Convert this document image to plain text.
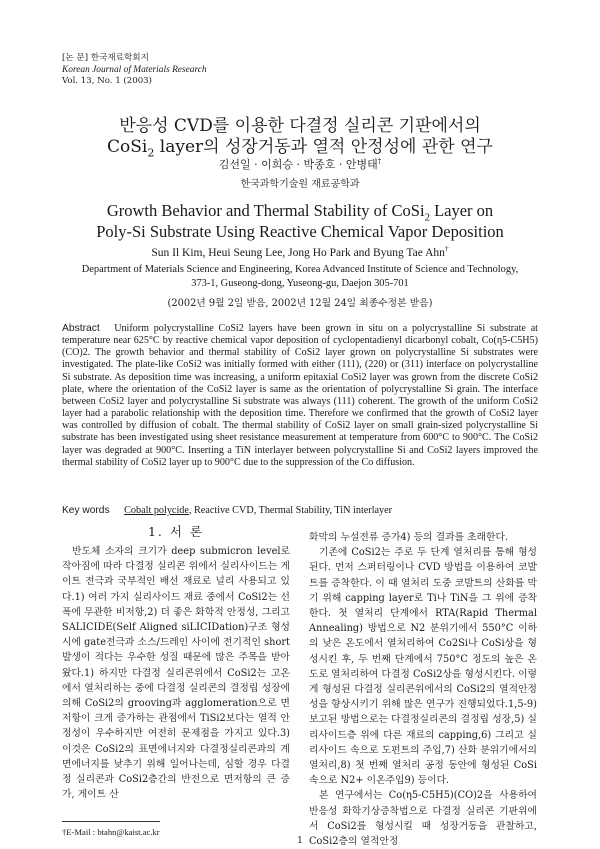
[논 문] 한국재료학회지
Korean Journal of Materials Research
Vol. 13, No. 1 (2003)
반응성 CVD를 이용한 다결정 실리콘 기판에서의
CoSi$_2$ layer의 성장거동과 열적 안정성에 관한 연구
김선일 · 이희승 · 박종호 · 안병태†
한국과학기술원 재료공학과
Growth Behavior and Thermal Stability of CoSi$_2$ Layer on
Poly-Si Substrate Using Reactive Chemical Vapor Deposition
Sun Il Kim, Heui Seung Lee, Jong Ho Park and Byung Tae Ahn†
Department of Materials Science and Engineering, Korea Advanced Institute of Science and Technology,
373-1, Guseong-dong, Yuseong-gu, Daejon 305-701
(2002년 9월 2일 받음, 2002년 12월 24일 최종수정본 받음)
Abstract Uniform polycrystalline CoSi2 layers have been grown in situ on a polycrystalline Si substrate at temperature near 625°C by reactive chemical vapor deposition of cyclopentadienyl dicarbonyl cobalt, Co(η5-C5H5)(CO)2. The growth behavior and thermal stability of CoSi2 layer grown on polycrystalline Si substrates were investigated. The plate-like CoSi2 was initially formed with either (111), (220) or (311) interface on polycrystalline Si substrate. As deposition time was increasing, a uniform epitaxial CoSi2 layer was grown from the discrete CoSi2 plate, where the orientation of the CoSi2 layer is same as the orientation of polycrystalline Si grain. The interface between CoSi2 layer and polycrystalline Si substrate was always (111) coherent. The growth of the uniform CoSi2 layer had a parabolic relationship with the deposition time. Therefore we confirmed that the growth of CoSi2 layer was controlled by diffusion of cobalt. The thermal stability of CoSi2 layer on small grain-sized polycrystalline Si substrate has been investigated using sheet resistance measurement at temperature from 600°C to 900°C. The CoSi2 layer was degraded at 900°C. Inserting a TiN interlayer between polycrystalline Si and CoSi2 layers improved the thermal stability of CoSi2 layer up to 900°C due to the suppression of the Co diffusion.
Key words Cobalt polycide, Reactive CVD, Thermal Stability, TiN interlayer
1. 서 론

반도체 소자의 크기가 deep submicron level로 작아짐에 따라 다결정 실리콘 위에서 실리사이드는 게이트 전극과 국부적인 배선 재료로 널리 사용되고 있다.1) 여러 가지 실리사이드 재료 중에서 CoSi2는 선폭에 무관한 비저항,2) 더 좋은 화학적 안정성, 그리고 SALICIDE(Self Aligned siLICIDation)구조 형성시에 gate전극과 소스/드레인 사이에 전기적인 short 발생이 적다는 우수한 성질 때문에 많은 주목을 받아왔다.1) 하지만 다결정 실리콘위에서 CoSi2는 고온에서 열처리하는 중에 다결정 실리콘의 결정립 성장에 의해 CoSi2의 grooving과 agglomeration으로 면저항이 크게 증가하는 관점에서 TiSi2보다는 열적 안정성이 우수하지만 여전히 문제점을 가지고 있다.3) 이것은 CoSi2의 표면에너지와 다결정실리콘과의 계면에너지를 낮추기 위해 일어나는데, 심할 경우 다결정 실리콘과 CoSi2층간의 반전으로 면저항의 큰 증가, 게이트 산

화막의 누설전류 증가4) 등의 결과를 초래한다.

기존에 CoSi2는 주로 두 단계 열처리를 통해 형성된다. 먼저 스퍼터링이나 CVD 방법을 이용하여 코발트를 증착한다. 이 때 열처리 도중 코발트의 산화를 막기 위해 capping layer로 Ti나 TiN을 그 위에 증착한다. 첫 열처리 단계에서 RTA(Rapid Thermal Annealing) 방법으로 N2 분위기에서 550°C 이하의 낮은 온도에서 열처리하여 Co2Si나 CoSi상을 형성시킨 후, 두 번째 단계에서 750°C 정도의 높은 온도로 열처리하여 다결정 CoSi2상을 형성시킨다. 이렇게 형성된 다결정 실리콘위에서의 CoSi2의 열적안정성을 향상시키기 위해 많은 연구가 진행되었다.1,5-9) 보고된 방법으로는 다결정실리콘의 결정립 성장,5) 실리사이드층 위에 다른 재료의 capping,6) 그리고 실리사이드 속으로 도펀트의 주입,7) 산화 분위기에서의 열처리,8) 첫 번째 열처리 공정 동안에 형성된 CoSi 속으로 N2+ 이온주입9) 등이다.

본 연구에서는 Co(η5-C5H5)(CO)2을 사용하여 반응성 화학기상증착법으로 다결정 실리콘 기판위에서 CoSi2를 형성시킬 때 성장거동을 관찰하고, CoSi2층의 열적안정

†E-Mail : btahn@kaist.ac.kr
1
